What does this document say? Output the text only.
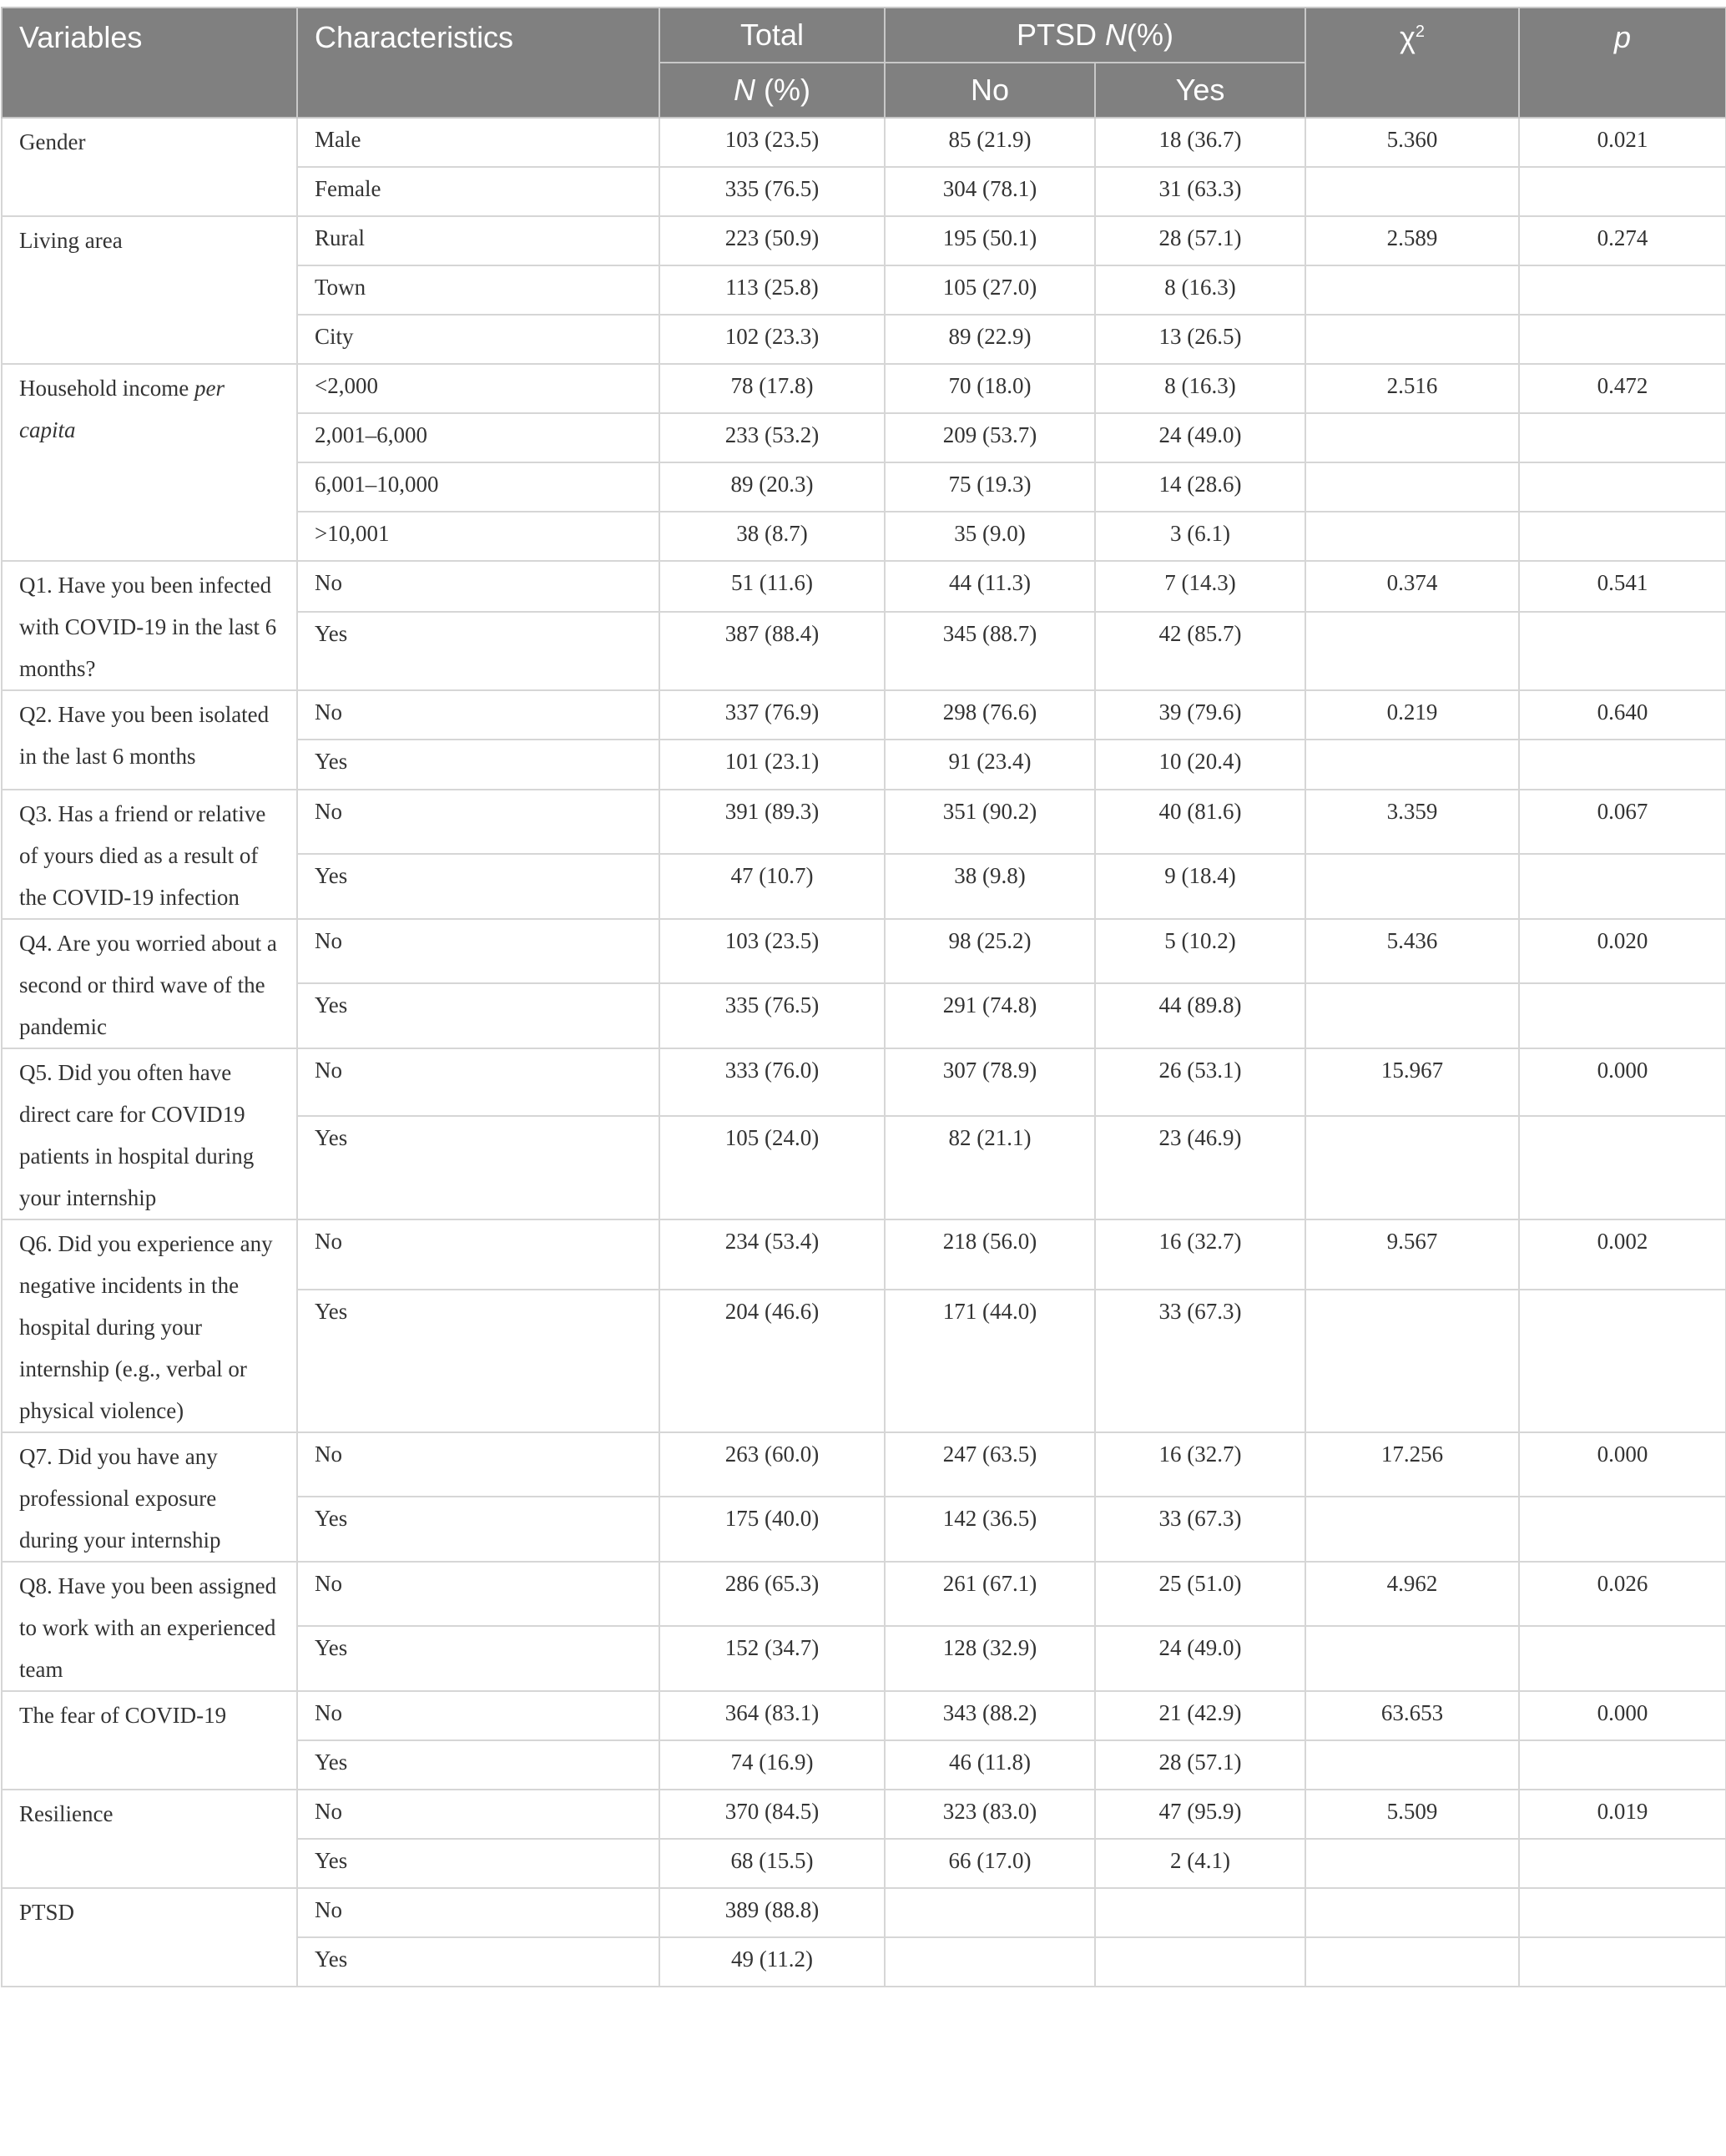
Variables	Characteristics	Total	PTSD N(%)		$\chi^2$	p
		N (%)	No	Yes		
Gender	Male	103 (23.5)	85 (21.9)	18 (36.7)	5.360	0.021
	Female	335 (76.5)	304 (78.1)	31 (63.3)		
Living area	Rural	223 (50.9)	195 (50.1)	28 (57.1)	2.589	0.274
	Town	113 (25.8)	105 (27.0)	8 (16.3)		
	City	102 (23.3)	89 (22.9)	13 (26.5)		
Household income per capita	<2,000	78 (17.8)	70 (18.0)	8 (16.3)	2.516	0.472
	2,001–6,000	233 (53.2)	209 (53.7)	24 (49.0)		
	6,001–10,000	89 (20.3)	75 (19.3)	14 (28.6)		
	>10,001	38 (8.7)	35 (9.0)	3 (6.1)		
Q1. Have you been infected with COVID-19 in the last 6 months?	No	51 (11.6)	44 (11.3)	7 (14.3)	0.374	0.541
	Yes	387 (88.4)	345 (88.7)	42 (85.7)		
Q2. Have you been isolated in the last 6 months	No	337 (76.9)	298 (76.6)	39 (79.6)	0.219	0.640
	Yes	101 (23.1)	91 (23.4)	10 (20.4)		
Q3. Has a friend or relative of yours died as a result of the COVID-19 infection	No	391 (89.3)	351 (90.2)	40 (81.6)	3.359	0.067
	Yes	47 (10.7)	38 (9.8)	9 (18.4)		
Q4. Are you worried about a second or third wave of the pandemic	No	103 (23.5)	98 (25.2)	5 (10.2)	5.436	0.020
	Yes	335 (76.5)	291 (74.8)	44 (89.8)		
Q5. Did you often have direct care for COVID19 patients in hospital during your internship	No	333 (76.0)	307 (78.9)	26 (53.1)	15.967	0.000
	Yes	105 (24.0)	82 (21.1)	23 (46.9)		
Q6. Did you experience any negative incidents in the hospital during your internship (e.g., verbal or physical violence)	No	234 (53.4)	218 (56.0)	16 (32.7)	9.567	0.002
	Yes	204 (46.6)	171 (44.0)	33 (67.3)		
Q7. Did you have any professional exposure during your internship	No	263 (60.0)	247 (63.5)	16 (32.7)	17.256	0.000
	Yes	175 (40.0)	142 (36.5)	33 (67.3)		
Q8. Have you been assigned to work with an experienced team	No	286 (65.3)	261 (67.1)	25 (51.0)	4.962	0.026
	Yes	152 (34.7)	128 (32.9)	24 (49.0)		
The fear of COVID-19	No	364 (83.1)	343 (88.2)	21 (42.9)	63.653	0.000
	Yes	74 (16.9)	46 (11.8)	28 (57.1)		
Resilience	No	370 (84.5)	323 (83.0)	47 (95.9)	5.509	0.019
	Yes	68 (15.5)	66 (17.0)	2 (4.1)		
PTSD	No	389 (88.8)				
	Yes	49 (11.2)				
